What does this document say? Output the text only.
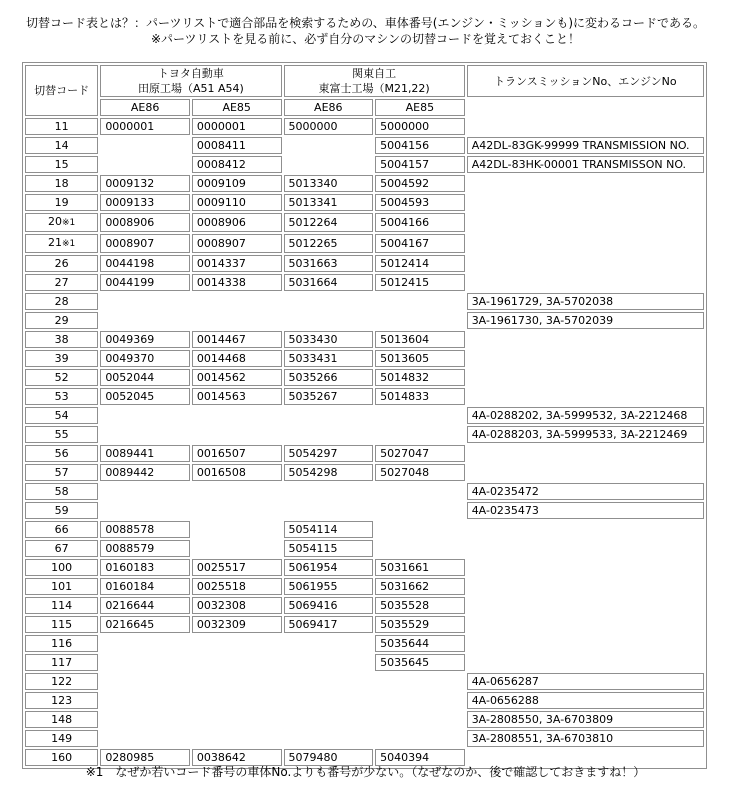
切替コード表とは？：パーツリストで適合部品を検索するための、車体番号(エンジン・ミッションも)に変わるコードである。
※パーツリストを見る前に、必ず自分のマシンの切替コードを覚えておくこと！
切替コード	トヨタ自動車
田原工場（A51 A54)		関東自工
東富士工場（M21,22)		トランスミッションNo、エンジンNo
	AE86	AE85	AE86	AE85	
11	0000001	0000001	5000000	5000000	
14		0008411		5004156	A42DL-83GK-99999 TRANSMISSION NO.
15		0008412		5004157	A42DL-83HK-00001 TRANSMISSON NO.
18	0009132	0009109	5013340	5004592	
19	0009133	0009110	5013341	5004593	
20※1	0008906	0008906	5012264	5004166	
21※1	0008907	0008907	5012265	5004167	
26	0044198	0014337	5031663	5012414	
27	0044199	0014338	5031664	5012415	
28					3A-1961729, 3A-5702038
29					3A-1961730, 3A-5702039
38	0049369	0014467	5033430	5013604	
39	0049370	0014468	5033431	5013605	
52	0052044	0014562	5035266	5014832	
53	0052045	0014563	5035267	5014833	
54					4A-0288202, 3A-5999532, 3A-2212468
55					4A-0288203, 3A-5999533, 3A-2212469
56	0089441	0016507	5054297	5027047	
57	0089442	0016508	5054298	5027048	
58					4A-0235472
59					4A-0235473
66	0088578		5054114		
67	0088579		5054115		
100	0160183	0025517	5061954	5031661	
101	0160184	0025518	5061955	5031662	
114	0216644	0032308	5069416	5035528	
115	0216645	0032309	5069417	5035529	
116				5035644	
117				5035645	
122					4A-0656287
123					4A-0656288
148					3A-2808550, 3A-6703809
149					3A-2808551, 3A-6703810
160	0280985	0038642	5079480	5040394	
※1　なぜか若いコード番号の車体No.よりも番号が少ない。（なぜなのか、後で確認しておきますね！）
